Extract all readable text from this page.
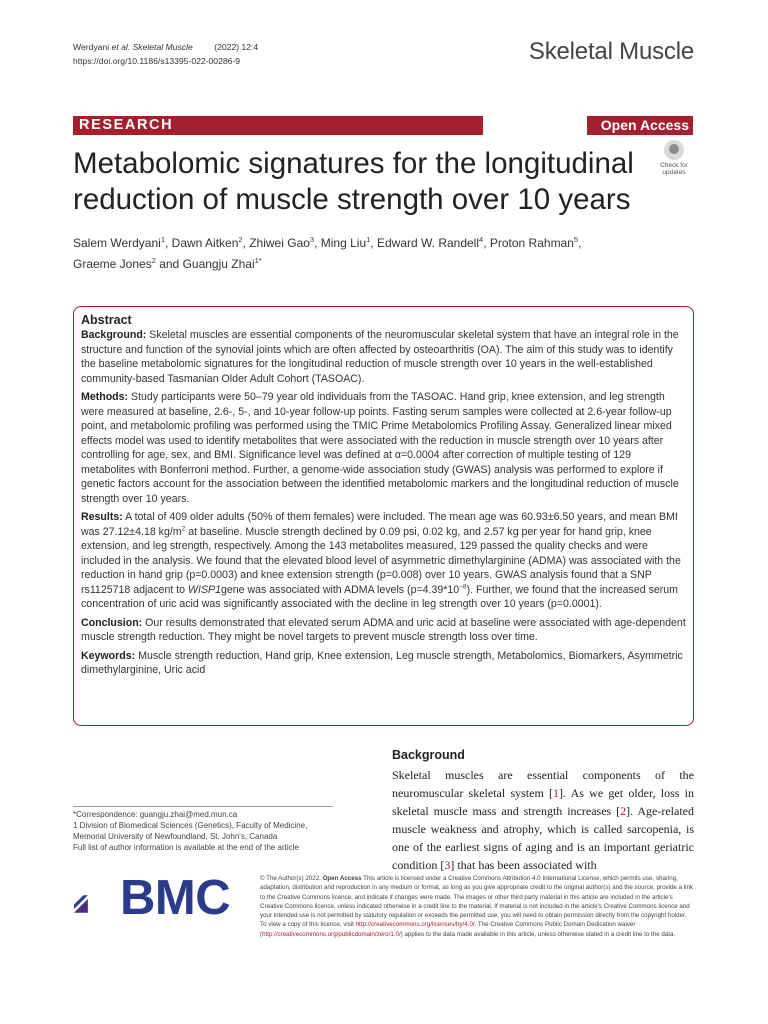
Werdyani et al. Skeletal Muscle	(2022) 12:4
https://doi.org/10.1186/s13395-022-00286-9	Skeletal Muscle
RESEARCH	Open Access
Metabolomic signatures for the longitudinal reduction of muscle strength over 10 years
Check for
updates
Salem Werdyani$^1$, Dawn Aitken$^2$, Zhiwei Gao$^3$, Ming Liu$^1$, Edward W. Randell$^4$, Proton Rahman$^5$,
Graeme Jones$^2$ and Guangju Zhai$^{1*}$
Abstract

Background: Skeletal muscles are essential components of the neuromuscular skeletal system that have an integral role in the structure and function of the synovial joints which are often affected by osteoarthritis (OA). The aim of this study was to identify the baseline metabolomic signatures for the longitudinal reduction of muscle strength over 10 years in the well-established community-based Tasmanian Older Adult Cohort (TASOAC).

Methods: Study participants were 50–79 year old individuals from the TASOAC. Hand grip, knee extension, and leg strength were measured at baseline, 2.6-, 5-, and 10-year follow-up points. Fasting serum samples were collected at 2.6-year follow-up point, and metabolomic profiling was performed using the TMIC Prime Metabolomics Profiling Assay. Generalized linear mixed effects model was used to identify metabolites that were associated with the reduction in muscle strength over 10 years after controlling for age, sex, and BMI. Significance level was defined at α=0.0004 after correction of multiple testing of 129 metabolites with Bonferroni method. Further, a genome-wide association study (GWAS) analysis was performed to explore if genetic factors account for the association between the identified metabolomic markers and the longitudinal reduction of muscle strength over 10 years.

Results: A total of 409 older adults (50% of them females) were included. The mean age was 60.93±6.50 years, and mean BMI was 27.12±4.18 $kg/m^2$ at baseline. Muscle strength declined by 0.09 psi, 0.02 kg, and 2.57 kg per year for hand grip, knee extension, and leg strength, respectively. Among the 143 metabolites measured, 129 passed the quality checks and were included in the analysis. We found that the elevated blood level of asymmetric dimethylarginine (ADMA) was associated with the reduction in hand grip (p=0.0003) and knee extension strength (p=0.008) over 10 years. GWAS analysis found that a SNP rs1125718 adjacent to WISP1gene was associated with ADMA levels $(p=4.39*10^{-8})$. Further, we found that the increased serum concentration of uric acid was significantly associated with the decline in leg strength over 10 years (p=0.0001).

Conclusion: Our results demonstrated that elevated serum ADMA and uric acid at baseline were associated with age-dependent muscle strength reduction. They might be novel targets to prevent muscle strength loss over time.

Keywords: Muscle strength reduction, Hand grip, Knee extension, Leg muscle strength, Metabolomics, Biomarkers, Asymmetric dimethylarginine, Uric acid

Background
Skeletal muscles are essential components of the neuromuscular skeletal system [1]. As we get older, loss in skeletal muscle mass and strength increases [2]. Age-related muscle weakness and atrophy, which is called sarcopenia, is one of the earliest signs of aging and is an important geriatric condition [3] that has been associated with

*Correspondence: guangju.zhai@med.mun.ca

1 Division of Biomedical Sciences (Genetics), Faculty of Medicine,

Memorial University of Newfoundland, St. John's, Canada

Full list of author information is available at the end of the article

BMC	© The Author(s) 2022. Open Access This article is licensed under a Creative Commons Attribution 4.0 International License, which permits use, sharing, adaptation, distribution and reproduction in any medium or format, as long as you give appropriate credit to the original author(s) and the source, provide a link to the Creative Commons licence, and indicate if changes were made. The images or other third party material in this article are included in the article's Creative Commons licence, unless indicated otherwise in a credit line to the material. If material is not included in the article's Creative Commons licence and your intended use is not permitted by statutory regulation or exceeds the permitted use, you will need to obtain permission directly from the copyright holder. To view a copy of this licence, visit http://creativecommons.org/licenses/by/4.0/. The Creative Commons Public Domain Dedication waiver (http://creativecommons.org/publicdomain/zero/1.0/) applies to the data made available in this article, unless otherwise stated in a credit line to the data.
